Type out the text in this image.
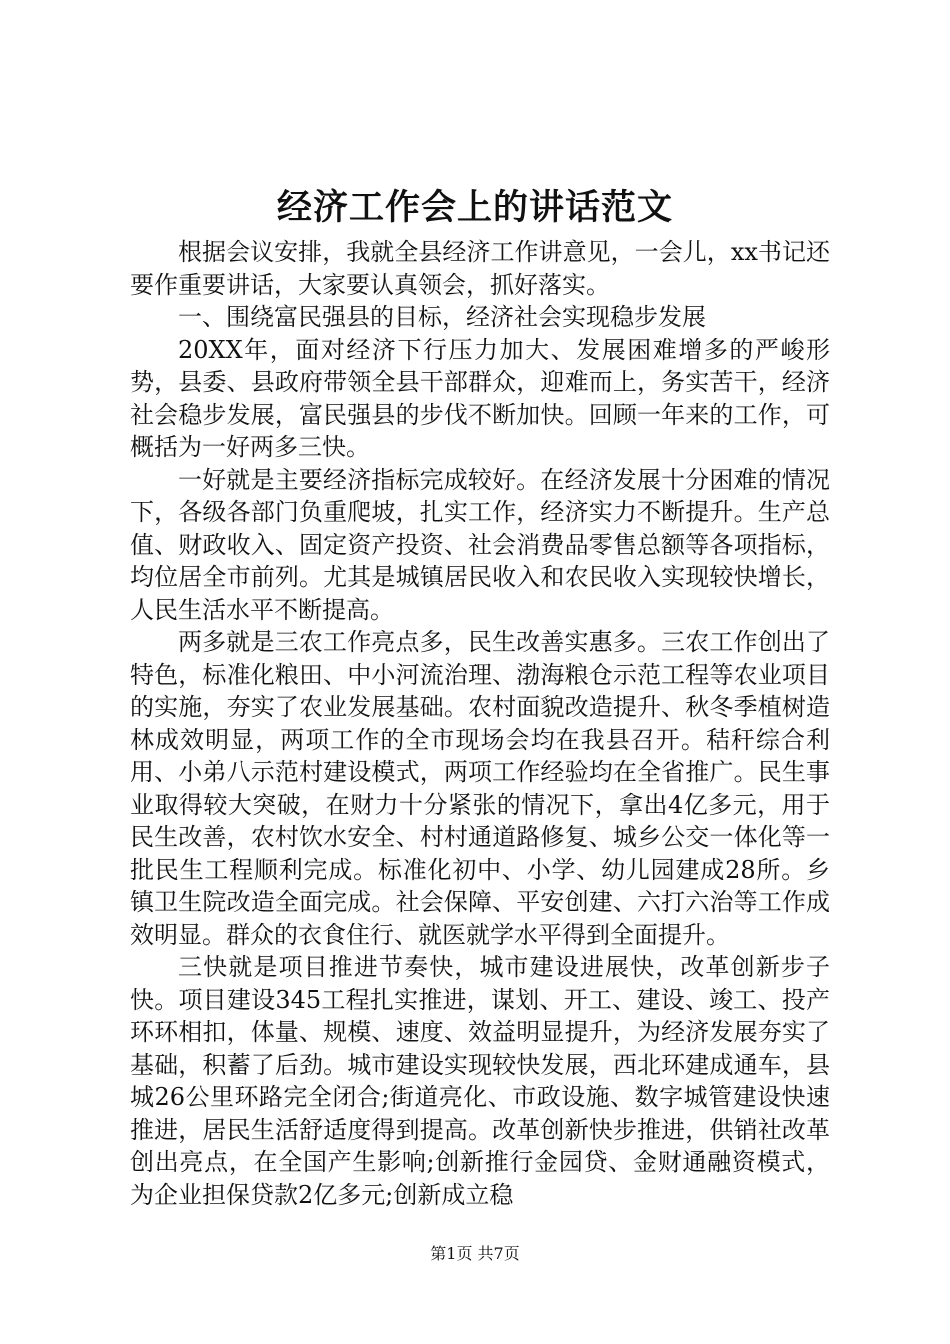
经济工作会上的讲话范文

根据会议安排，我就全县经济工作讲意见，一会儿，xx书记还要作重要讲话，大家要认真领会，抓好落实。

一、围绕富民强县的目标，经济社会实现稳步发展

20XX年，面对经济下行压力加大、发展困难增多的严峻形势，县委、县政府带领全县干部群众，迎难而上，务实苦干，经济社会稳步发展，富民强县的步伐不断加快。回顾一年来的工作，可概括为一好两多三快。

一好就是主要经济指标完成较好。在经济发展十分困难的情况下，各级各部门负重爬坡，扎实工作，经济实力不断提升。生产总值、财政收入、固定资产投资、社会消费品零售总额等各项指标，均位居全市前列。尤其是城镇居民收入和农民收入实现较快增长，人民生活水平不断提高。

两多就是三农工作亮点多，民生改善实惠多。三农工作创出了特色，标准化粮田、中小河流治理、渤海粮仓示范工程等农业项目的实施，夯实了农业发展基础。农村面貌改造提升、秋冬季植树造林成效明显，两项工作的全市现场会均在我县召开。秸秆综合利用、小弟八示范村建设模式，两项工作经验均在全省推广。民生事业取得较大突破，在财力十分紧张的情况下，拿出4亿多元，用于民生改善，农村饮水安全、村村通道路修复、城乡公交一体化等一批民生工程顺利完成。标准化初中、小学、幼儿园建成28所。乡镇卫生院改造全面完成。社会保障、平安创建、六打六治等工作成效明显。群众的衣食住行、就医就学水平得到全面提升。

三快就是项目推进节奏快，城市建设进展快，改革创新步子快。项目建设345工程扎实推进，谋划、开工、建设、竣工、投产环环相扣，体量、规模、速度、效益明显提升，为经济发展夯实了基础，积蓄了后劲。城市建设实现较快发展，西北环建成通车，县城26公里环路完全闭合;街道亮化、市政设施、数字城管建设快速推进，居民生活舒适度得到提高。改革创新快步推进，供销社改革创出亮点，在全国产生影响;创新推行金园贷、金财通融资模式，为企业担保贷款2亿多元;创新成立稳

第1页 共7页
